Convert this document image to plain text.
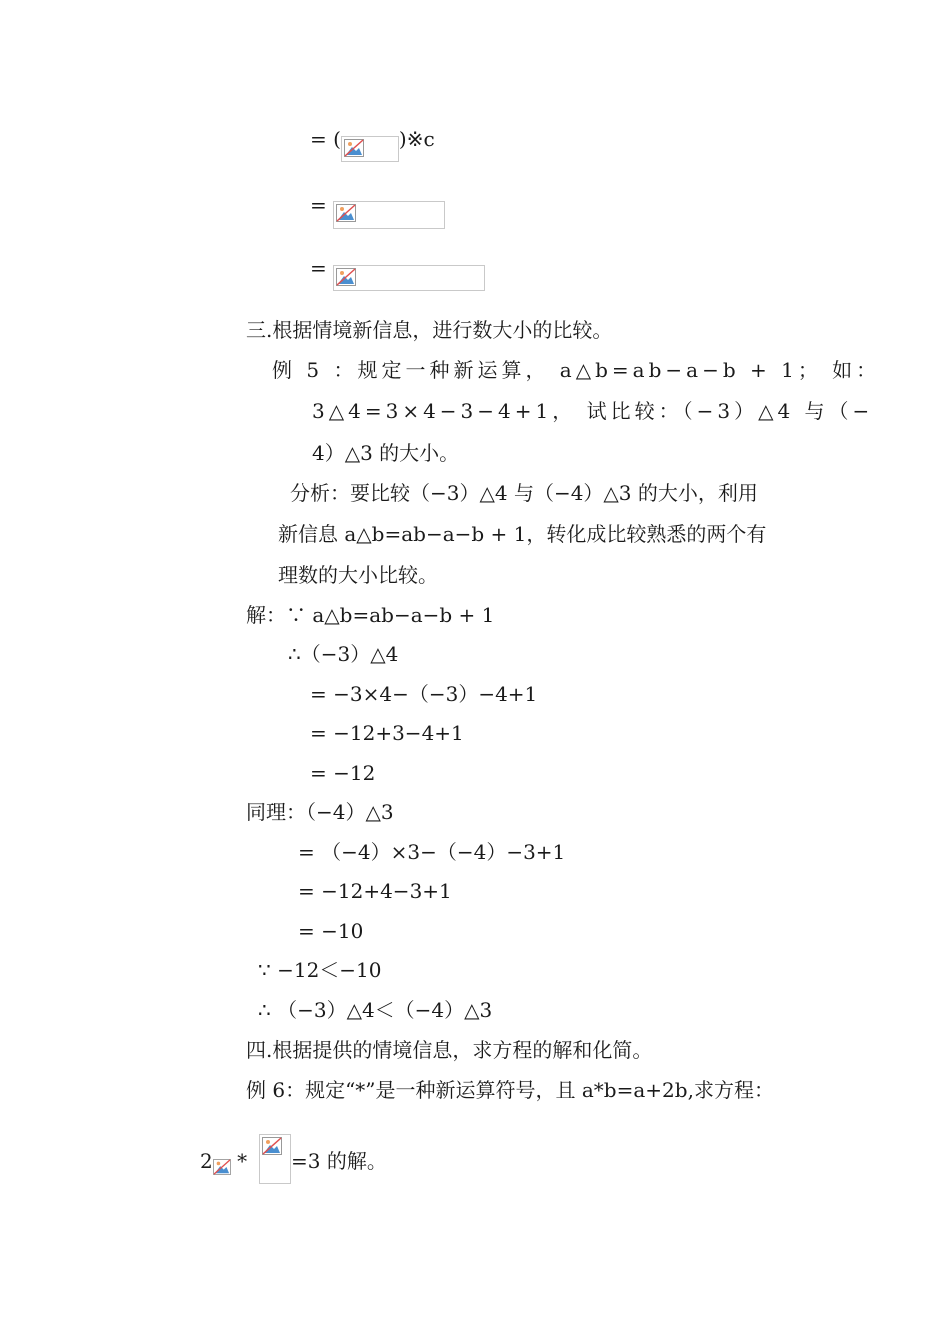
= (	)※c
=
=
三.根据情境新信息，进行数大小的比较。
例 5 ：规定一种新运算， a△b=ab−a−b + 1； 如：
3△4=3×4−3−4+1， 试比较：（−3）△4 与（−
4）△3 的大小。
分析：要比较（−3）△4 与（−4）△3 的大小，利用
新信息 a△b=ab−a−b + 1，转化成比较熟悉的两个有
理数的大小比较。
解：∵ a△b=ab−a−b + 1
∴（−3）△4
= −3×4−（−3）−4+1
= −12+3−4+1
= −12
同理：（−4）△3
= （−4）×3−（−4）−3+1
= −12+4−3+1
= −10
∵ −12＜−10
∴ （−3）△4＜（−4）△3
四.根据提供的情境信息，求方程的解和化简。
例 6：规定“*”是一种新运算符号，且 a*b=a+2b,求方程：
2 * =3 的解。
